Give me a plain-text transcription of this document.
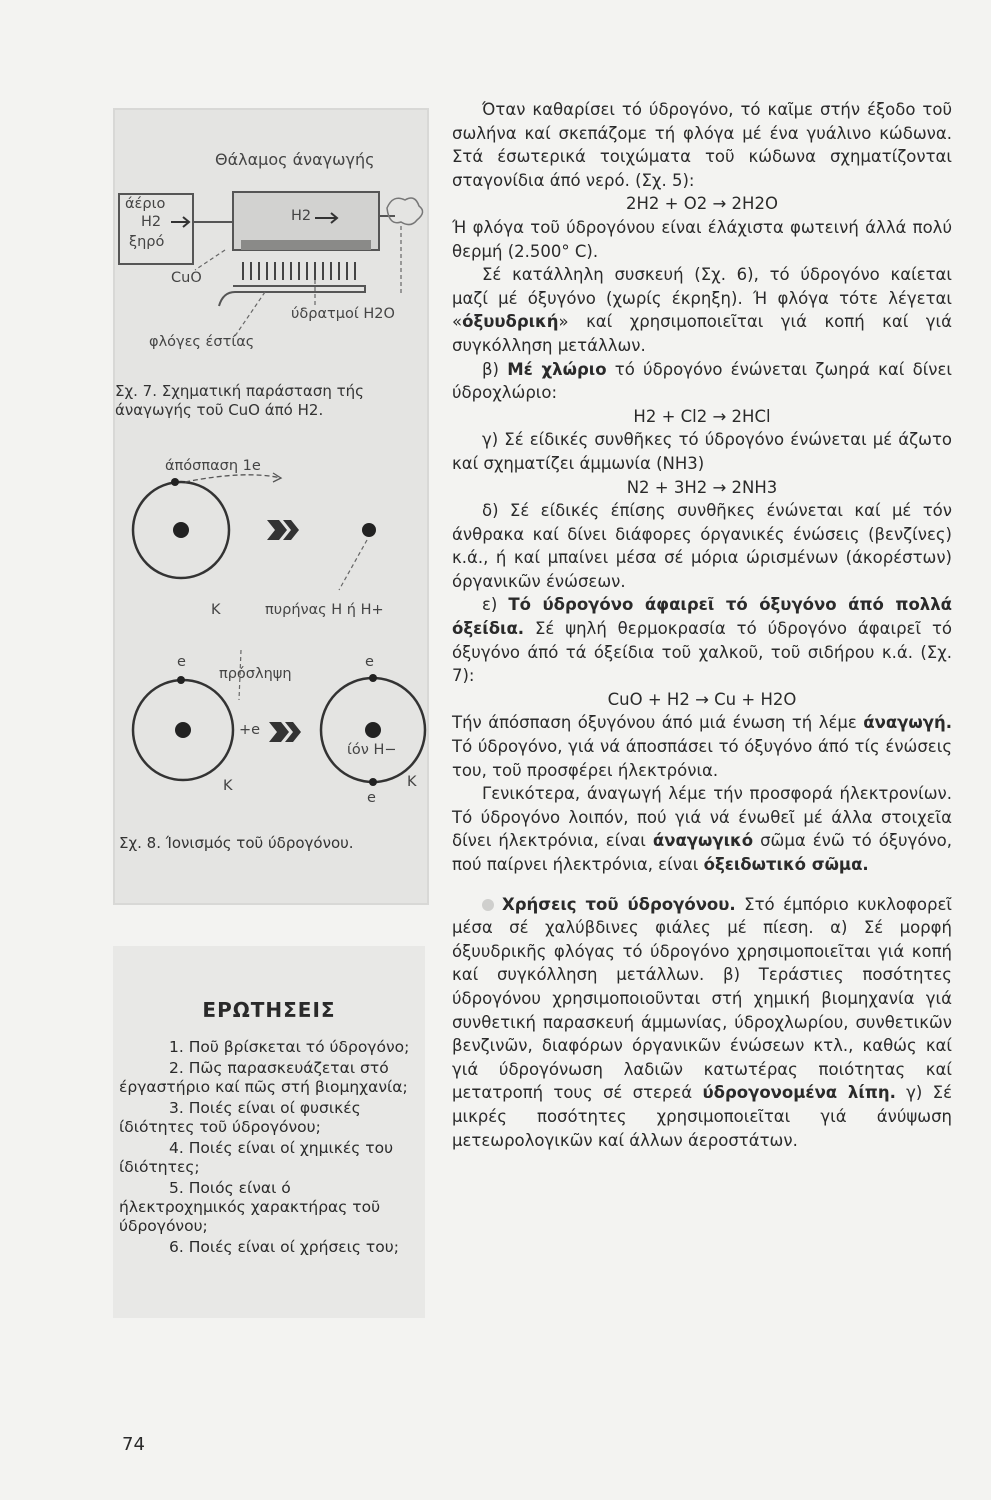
Θάλαμος άναγωγής
άέριο
H2
ξηρό
H2
CuO
ύδρατμοί H2O
φλόγες έστίας
Σχ. 7. Σχηματική παράσταση τής άναγωγής τοῦ CuO άπό H2.
άπόσπαση 1e
K	πυρήνας H ή H+
e
πρόσληψη
e
+e
ίόν H−
K	K
e
Σχ. 8. Ίονισμός τοῦ ύδρογόνου.
ΕΡΩΤΗΣΕΙΣ

1. Ποῦ βρίσκεται τό ύδρογόνο;

2. Πῶς παρασκευάζεται στό έργαστήριο καί πῶς στή βιομηχανία;

3. Ποιές είναι οί φυσικές ίδιότητες τοῦ ύδρογόνου;

4. Ποιές είναι οί χημικές του ίδιότητες;

5. Ποιός είναι ό ήλεκτροχημικός χαρακτήρας τοῦ ύδρογόνου;

6. Ποιές είναι οί χρήσεις του;

Όταν καθαρίσει τό ύδρογόνο, τό καῖμε στήν έξοδο τοῦ σωλήνα καί σκεπάζομε τή φλόγα μέ ένα γυάλινο κώδωνα. Στά έσωτερικά τοιχώματα τοῦ κώδωνα σχηματίζονται σταγονίδια άπό νερό. (Σχ. 5):

2H2 + O2 → 2H2O

Ή φλόγα τοῦ ύδρογόνου είναι έλάχιστα φωτεινή άλλά πολύ θερμή (2.500° C).

Σέ κατάλληλη συσκευή (Σχ. 6), τό ύδρογόνο καίεται μαζί μέ όξυγόνο (χωρίς έκρηξη). Ή φλόγα τότε λέγεται «όξυυδρική» καί χρησιμοποιεῖται γιά κοπή καί γιά συγκόλληση μετάλλων.

β) Μέ χλώριο τό ύδρογόνο ένώνεται ζωηρά καί δίνει ύδροχλώριο:

H2 + Cl2 → 2HCl

γ) Σέ είδικές συνθῆκες τό ύδρογόνο ένώνεται μέ άζωτο καί σχηματίζει άμμωνία (NH3)

N2 + 3H2 → 2NH3

δ) Σέ είδικές έπίσης συνθῆκες ένώνεται καί μέ τόν άνθρακα καί δίνει διάφορες όργανικές ένώσεις (βενζίνες) κ.ά., ή καί μπαίνει μέσα σέ μόρια ώρισμένων (άκορέστων) όργανικῶν ένώσεων.

ε) Τό ύδρογόνο άφαιρεῖ τό όξυγόνο άπό πολλά όξείδια. Σέ ψηλή θερμοκρασία τό ύδρογόνο άφαιρεῖ τό όξυγόνο άπό τά όξείδια τοῦ χαλκοῦ, τοῦ σιδήρου κ.ά. (Σχ. 7):

CuO + H2 → Cu + H2O

Τήν άπόσπαση όξυγόνου άπό μιά ένωση τή λέμε άναγωγή. Τό ύδρογόνο, γιά νά άποσπάσει τό όξυγόνο άπό τίς ένώσεις του, τοῦ προσφέρει ήλεκτρόνια.

Γενικότερα, άναγωγή λέμε τήν προσφορά ήλεκτρονίων. Τό ύδρογόνο λοιπόν, πού γιά νά ένωθεῖ μέ άλλα στοιχεῖα δίνει ήλεκτρόνια, είναι άναγωγικό σῶμα ένῶ τό όξυγόνο, πού παίρνει ήλεκτρόνια, είναι όξειδωτικό σῶμα.

Χρήσεις τοῦ ύδρογόνου. Στό έμπόριο κυκλοφορεῖ μέσα σέ χαλύβδινες φιάλες μέ πίεση. α) Σέ μορφή όξυυδρικῆς φλόγας τό ύδρογόνο χρησιμοποιεῖται γιά κοπή καί συγκόλληση μετάλλων. β) Τεράστιες ποσότητες ύδρογόνου χρησιμοποιοῦνται στή χημική βιομηχανία γιά συνθετική παρασκευή άμμωνίας, ύδροχλωρίου, συνθετικῶν βενζινῶν, διαφόρων όργανικῶν ένώσεων κτλ., καθώς καί γιά ύδρογόνωση λαδιῶν κατωτέρας ποιότητας καί μετατροπή τους σέ στερεά ύδρογονομένα λίπη. γ) Σέ μικρές ποσότητες χρησιμοποιεῖται γιά άνύψωση μετεωρολογικῶν καί άλλων άεροστάτων.

74
